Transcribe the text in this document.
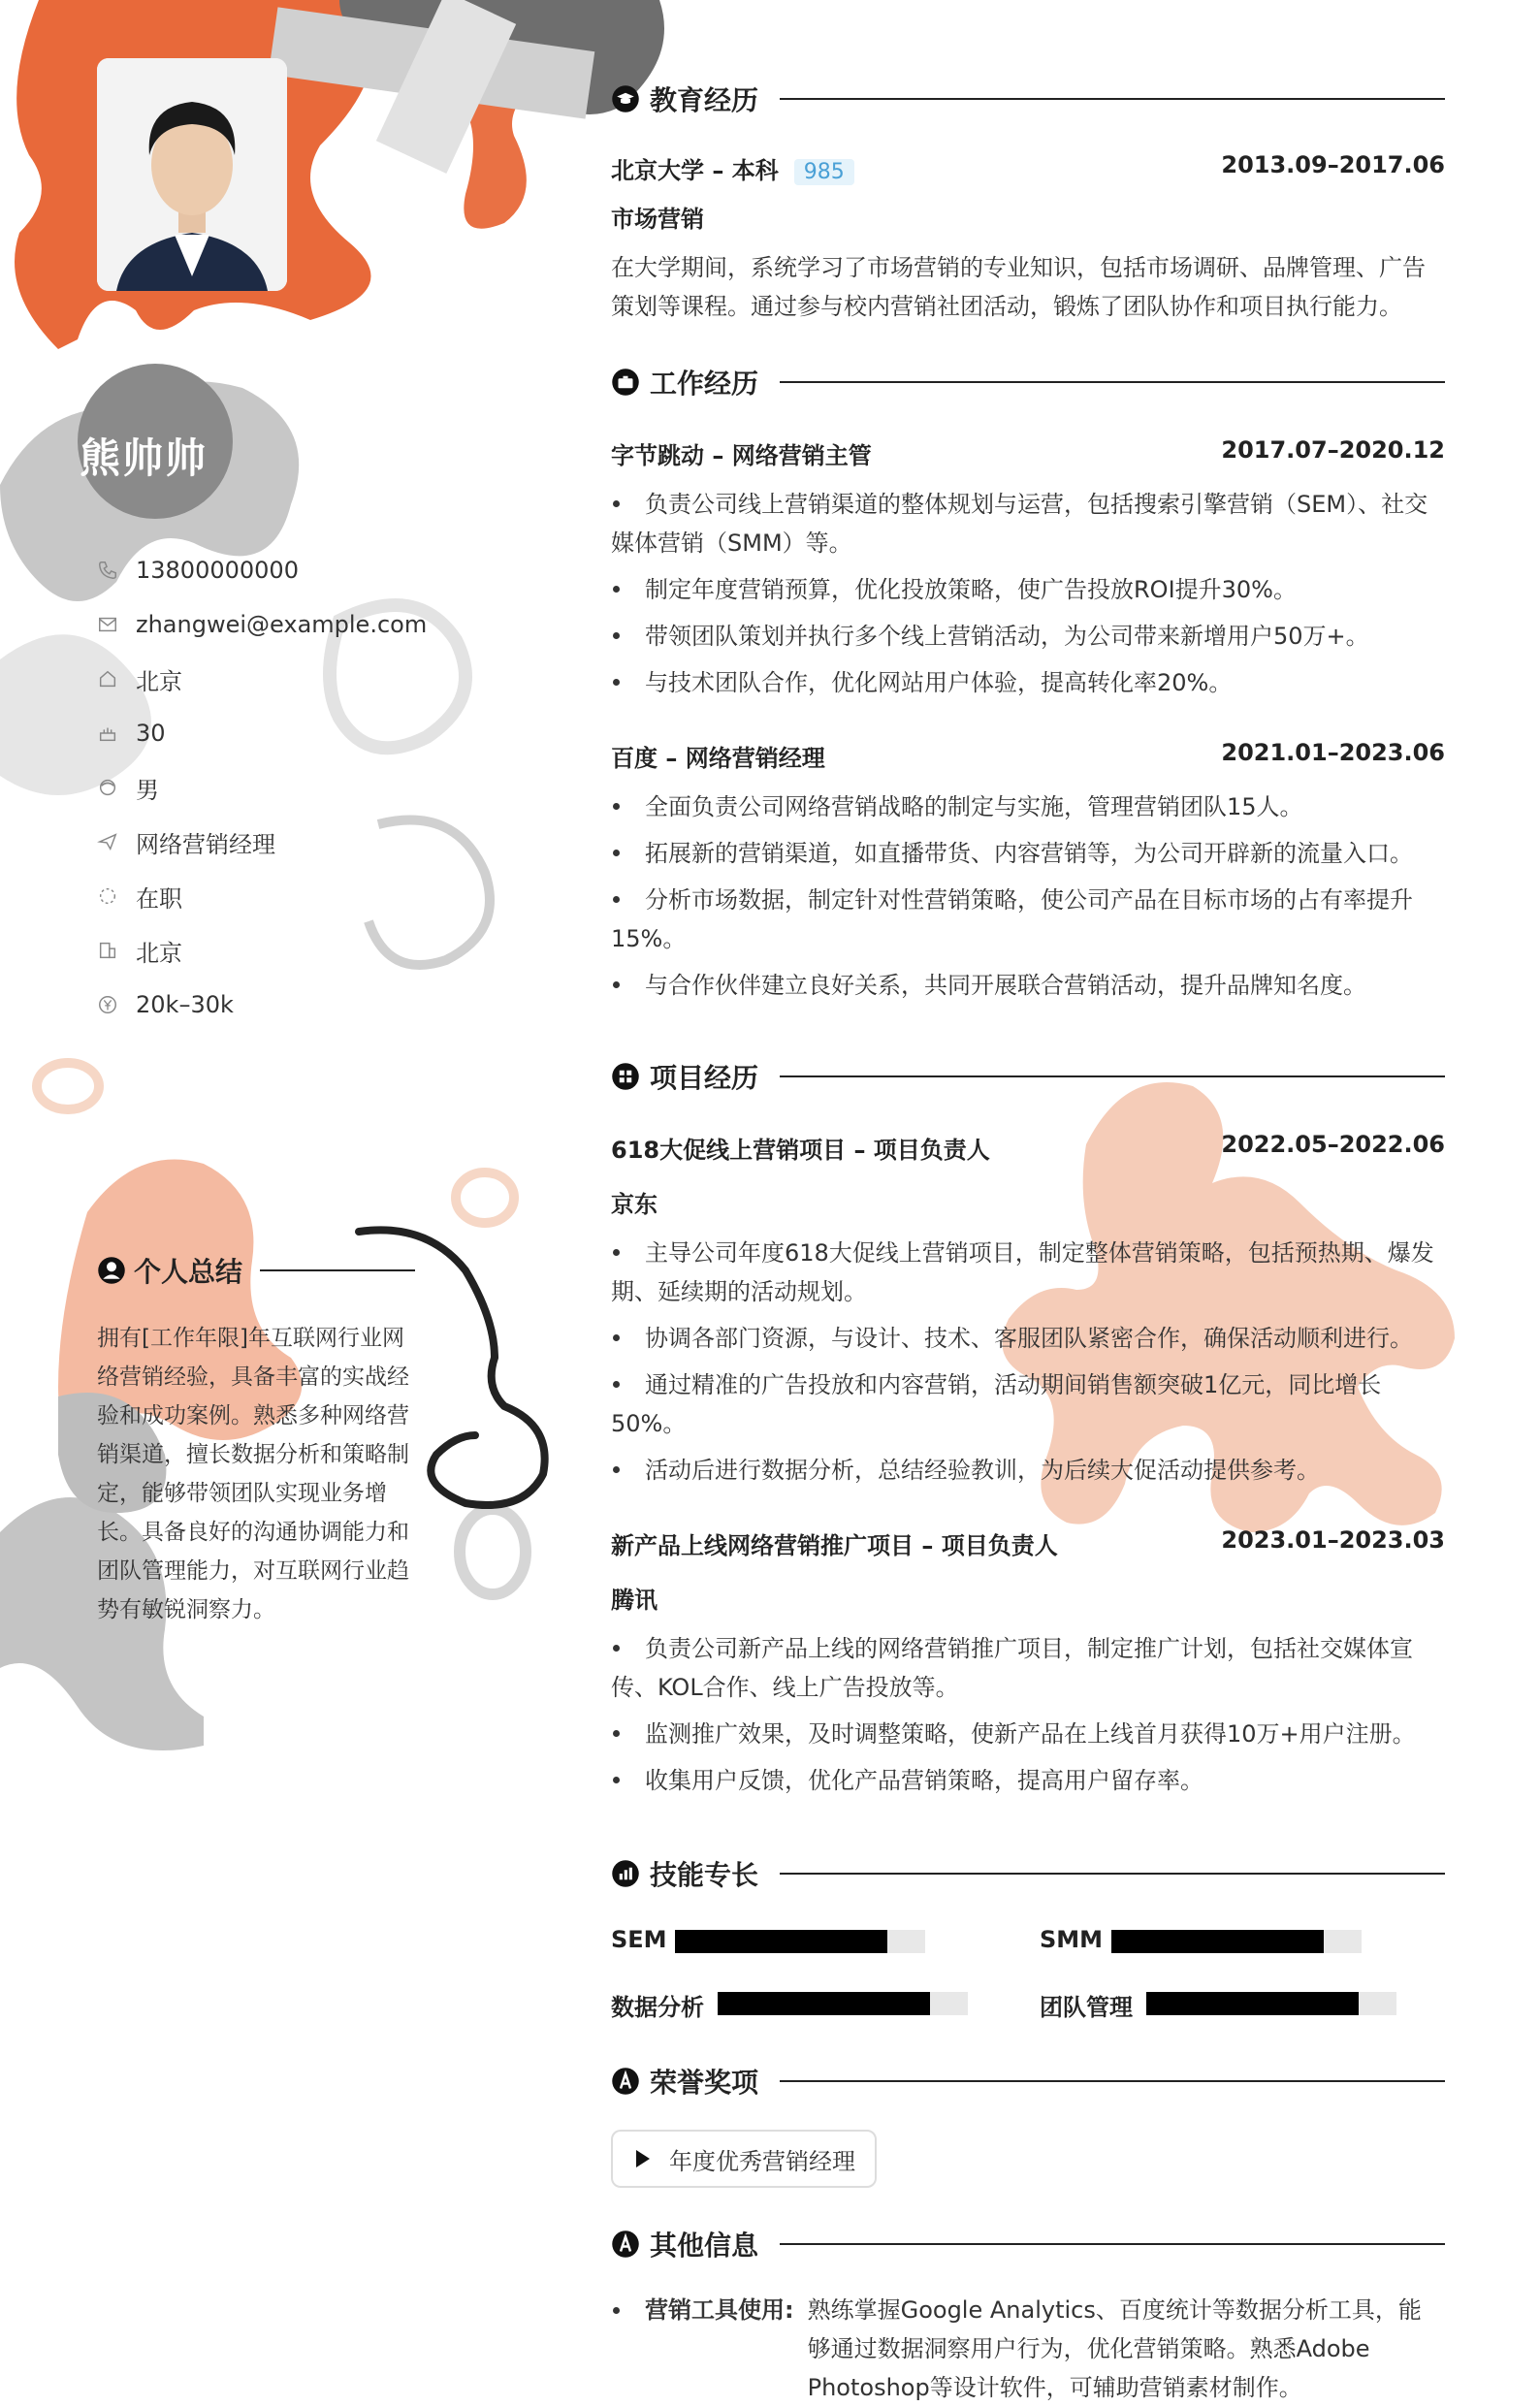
熊帅帅
13800000000
zhangwei@example.com
北京
30
男
网络营销经理
在职
北京
20k–30k
个人总结
拥有[工作年限]年互联网行业网络营销经验，具备丰富的实战经验和成功案例。熟悉多种网络营销渠道，擅长数据分析和策略制定，能够带领团队实现业务增长。具备良好的沟通协调能力和团队管理能力，对互联网行业趋势有敏锐洞察力。
教育经历
北京大学 – 本科 985	2013.09–2017.06
市场营销
在大学期间，系统学习了市场营销的专业知识，包括市场调研、品牌管理、广告策划等课程。通过参与校内营销社团活动，锻炼了团队协作和项目执行能力。
工作经历
字节跳动 – 网络营销主管	2017.07–2020.12
负责公司线上营销渠道的整体规划与运营，包括搜索引擎营销（SEM）、社交媒体营销（SMM）等。
制定年度营销预算，优化投放策略，使广告投放ROI提升30%。
带领团队策划并执行多个线上营销活动，为公司带来新增用户50万+。
与技术团队合作，优化网站用户体验，提高转化率20%。
百度 – 网络营销经理	2021.01–2023.06
全面负责公司网络营销战略的制定与实施，管理营销团队15人。
拓展新的营销渠道，如直播带货、内容营销等，为公司开辟新的流量入口。
分析市场数据，制定针对性营销策略，使公司产品在目标市场的占有率提升15%。
与合作伙伴建立良好关系，共同开展联合营销活动，提升品牌知名度。
项目经历
618大促线上营销项目 – 项目负责人	2022.05–2022.06
京东
主导公司年度618大促线上营销项目，制定整体营销策略，包括预热期、爆发期、延续期的活动规划。
协调各部门资源，与设计、技术、客服团队紧密合作，确保活动顺利进行。
通过精准的广告投放和内容营销，活动期间销售额突破1亿元，同比增长50%。
活动后进行数据分析，总结经验教训，为后续大促活动提供参考。
新产品上线网络营销推广项目 – 项目负责人	2023.01–2023.03
腾讯
负责公司新产品上线的网络营销推广项目，制定推广计划，包括社交媒体宣传、KOL合作、线上广告投放等。
监测推广效果，及时调整策略，使新产品在上线首月获得10万+用户注册。
收集用户反馈，优化产品营销策略，提高用户留存率。
技能专长
SEM	SMM
数据分析	团队管理
荣誉奖项
年度优秀营销经理
其他信息
营销工具使用: 熟练掌握Google Analytics、百度统计等数据分析工具，能够通过数据洞察用户行为，优化营销策略。熟悉Adobe Photoshop等设计软件，可辅助营销素材制作。
